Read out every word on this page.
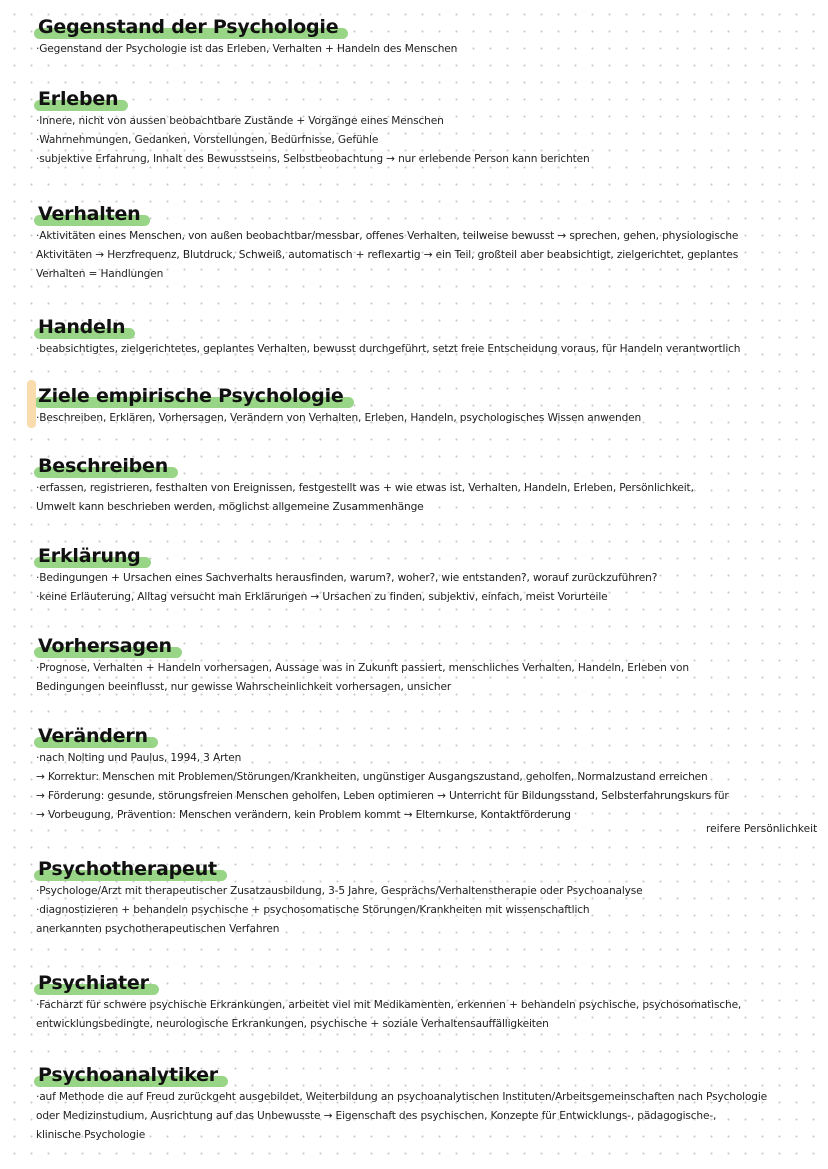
Gegenstand der Psychologie
·Gegenstand der Psychologie ist das Erleben, Verhalten + Handeln des Menschen
Erleben
·Innere, nicht von aussen beobachtbare Zustände + Vorgänge eines Menschen
·Wahrnehmungen, Gedanken, Vorstellungen, Bedürfnisse, Gefühle
·subjektive Erfahrung, Inhalt des Bewusstseins, Selbstbeobachtung → nur erlebende Person kann berichten
Verhalten
·Aktivitäten eines Menschen, von außen beobachtbar/messbar, offenes Verhalten, teilweise bewusst → sprechen, gehen, physiologische
Aktivitäten → Herzfrequenz, Blutdruck, Schweiß, automatisch + reflexartig → ein Teil, großteil aber beabsichtigt, zielgerichtet, geplantes
Verhalten = Handlungen
Handeln
·beabsichtigtes, zielgerichtetes, geplantes Verhalten, bewusst durchgeführt, setzt freie Entscheidung voraus, für Handeln verantwortlich
Ziele empirische Psychologie
·Beschreiben, Erklären, Vorhersagen, Verändern von Verhalten, Erleben, Handeln, psychologisches Wissen anwenden
Beschreiben
·erfassen, registrieren, festhalten von Ereignissen, festgestellt was + wie etwas ist, Verhalten, Handeln, Erleben, Persönlichkeit,
Umwelt kann beschrieben werden, möglichst allgemeine Zusammenhänge
Erklärung
·Bedingungen + Ursachen eines Sachverhalts herausfinden, warum?, woher?, wie entstanden?, worauf zurückzuführen?
·keine Erläuterung, Alltag versucht man Erklärungen → Ursachen zu finden, subjektiv, einfach, meist Vorurteile
Vorhersagen
·Prognose, Verhalten + Handeln vorhersagen, Aussage was in Zukunft passiert, menschliches Verhalten, Handeln, Erleben von
Bedingungen beeinflusst, nur gewisse Wahrscheinlichkeit vorhersagen, unsicher
Verändern
·nach Nolting und Paulus, 1994, 3 Arten
→ Korrektur: Menschen mit Problemen/Störungen/Krankheiten, ungünstiger Ausgangszustand, geholfen, Normalzustand erreichen
→ Förderung: gesunde, störungsfreien Menschen geholfen, Leben optimieren → Unterricht für Bildungsstand, Selbsterfahrungskurs für
→ Vorbeugung, Prävention: Menschen verändern, kein Problem kommt → Elternkurse, Kontaktförderung
reifere Persönlichkeit
Psychotherapeut
·Psychologe/Arzt mit therapeutischer Zusatzausbildung, 3-5 Jahre, Gesprächs/Verhaltenstherapie oder Psychoanalyse
·diagnostizieren + behandeln psychische + psychosomatische Störungen/Krankheiten mit wissenschaftlich
anerkannten psychotherapeutischen Verfahren
Psychiater
·Facharzt für schwere psychische Erkrankungen, arbeitet viel mit Medikamenten, erkennen + behandeln psychische, psychosomatische,
entwicklungsbedingte, neurologische Erkrankungen, psychische + soziale Verhaltensauffälligkeiten
Psychoanalytiker
·auf Methode die auf Freud zurückgeht ausgebildet, Weiterbildung an psychoanalytischen Instituten/Arbeitsgemeinschaften nach Psychologie
oder Medizinstudium, Ausrichtung auf das Unbewusste → Eigenschaft des psychischen, Konzepte für Entwicklungs-, pädagogische-,
klinische Psychologie
